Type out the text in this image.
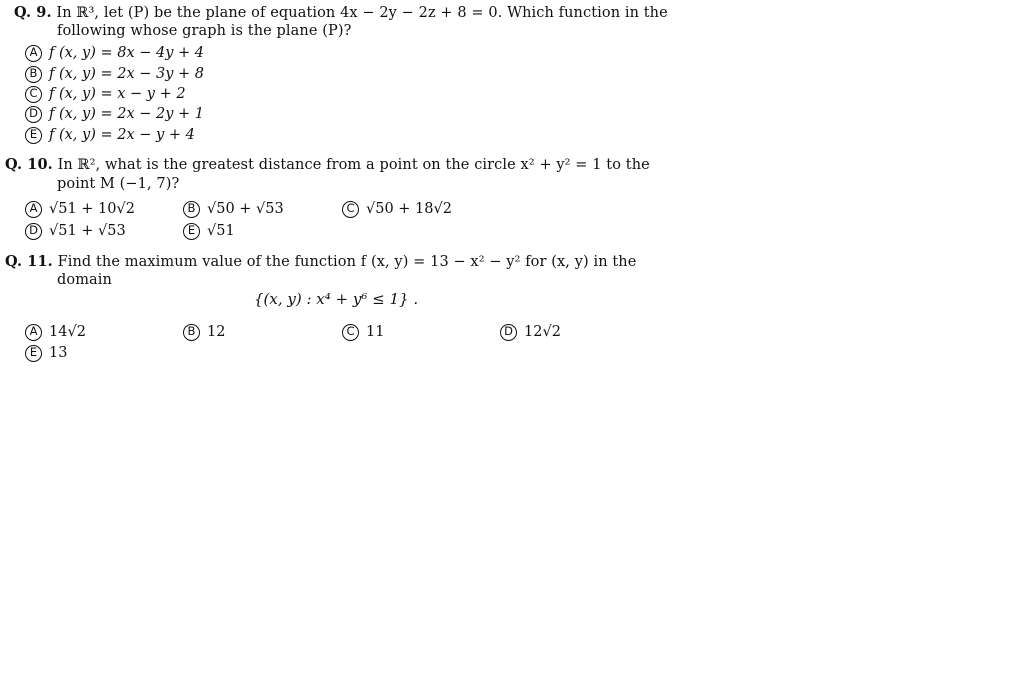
Q. 9. In ℝ³, let (P) be the plane of equation 4x − 2y − 2z + 8 = 0. Which function in the
following whose graph is the plane (P)?
A f (x, y) = 8x − 4y + 4
B f (x, y) = 2x − 3y + 8
C f (x, y) = x − y + 2
D f (x, y) = 2x − 2y + 1
E f (x, y) = 2x − y + 4
Q. 10. In ℝ², what is the greatest distance from a point on the circle x² + y² = 1 to the
point M (−1, 7)?
A √51 + 10√2	B √50 + √53	C √50 + 18√2
D √51 + √53	E √51
Q. 11. Find the maximum value of the function f (x, y) = 13 − x² − y² for (x, y) in the
domain
{(x, y) : x⁴ + y⁶ ≤ 1} .
A 14√2	B 12	C 11	D 12√2
E 13
